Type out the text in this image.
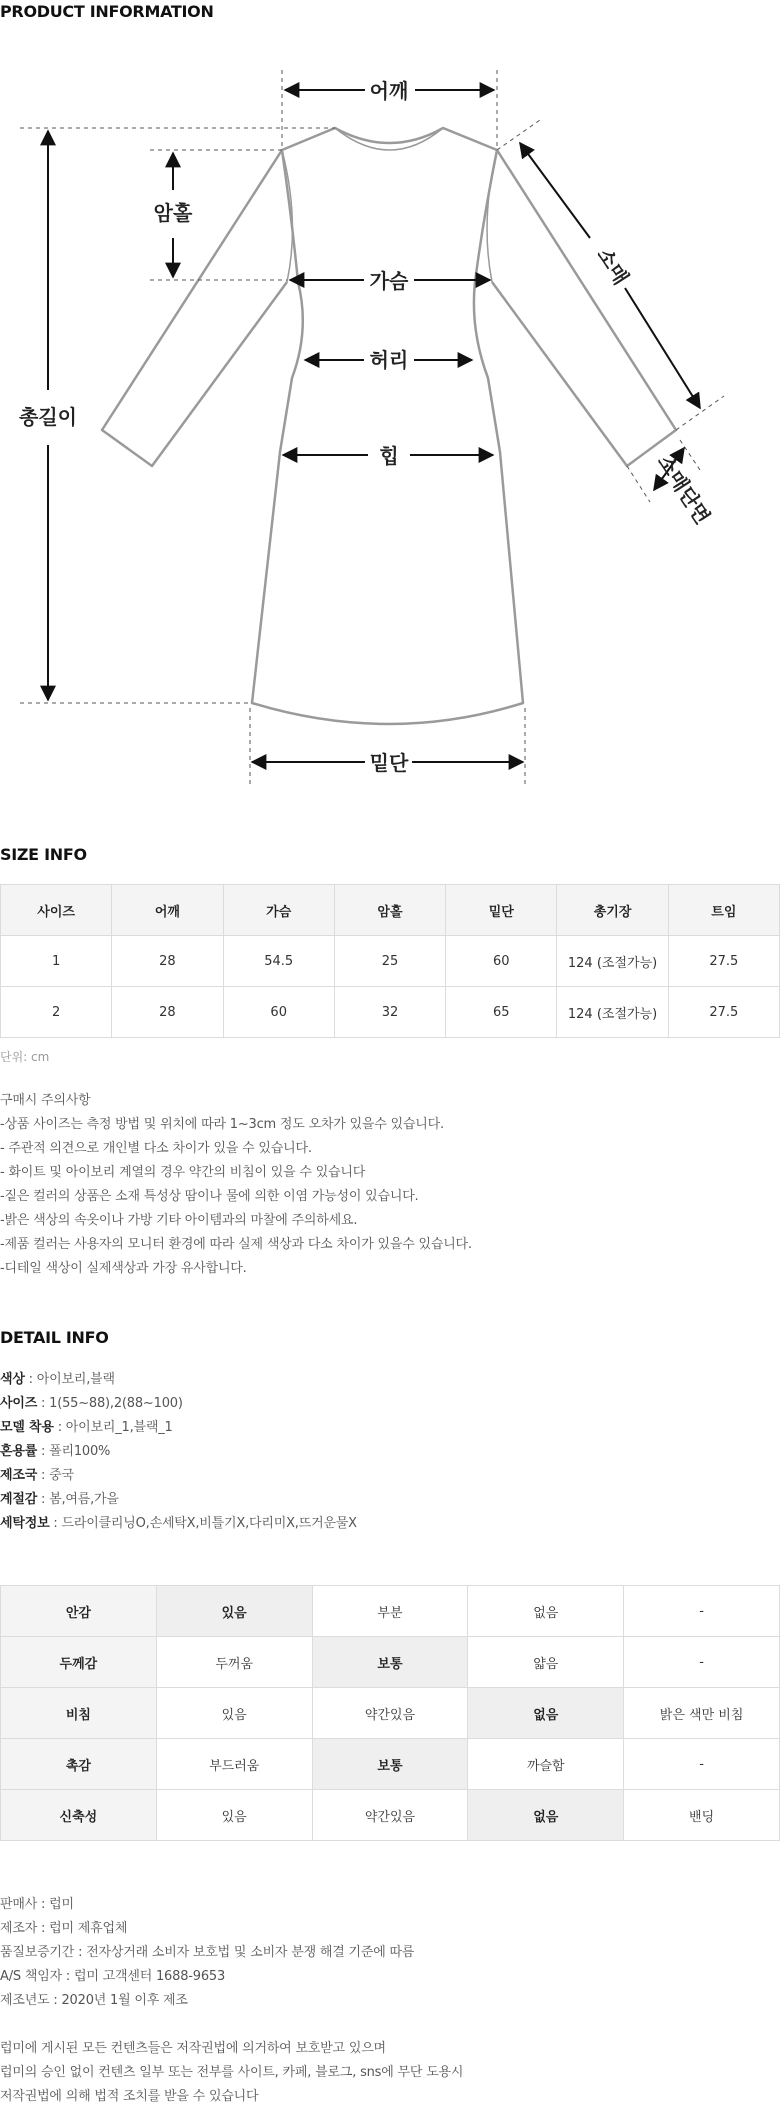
PRODUCT INFORMATION
어깨
암홀
가슴
허리
힙
총길이
소매
소매단면
밑단
SIZE INFO
사이즈	어깨	가슴	암홀	밑단	총기장	트임
1	28	54.5	25	60	124 (조절가능)	27.5
2	28	60	32	65	124 (조절가능)	27.5
단위: cm
구매시 주의사항
-상품 사이즈는 측정 방법 및 위치에 따라 1~3cm 정도 오차가 있을수 있습니다.
- 주관적 의견으로 개인별 다소 차이가 있을 수 있습니다.
- 화이트 및 아이보리 계열의 경우 약간의 비침이 있을 수 있습니다
-짙은 컬러의 상품은 소재 특성상 땀이나 물에 의한 이염 가능성이 있습니다.
-밝은 색상의 속옷이나 가방 기타 아이템과의 마찰에 주의하세요.
-제품 컬러는 사용자의 모니터 환경에 따라 실제 색상과 다소 차이가 있을수 있습니다.
-디테일 색상이 실제색상과 가장 유사합니다.
DETAIL INFO
색상 : 아이보리,블랙
사이즈 : 1(55~88),2(88~100)
모델 착용 : 아이보리_1,블랙_1
혼용률 : 폴리100%
제조국 : 중국
계절감 : 봄,여름,가을
세탁정보 : 드라이클리닝O,손세탁X,비틀기X,다리미X,뜨거운물X
안감	있음	부분	없음	-
두께감	두꺼움	보통	얇음	-
비침	있음	약간있음	없음	밝은 색만 비침
촉감	부드러움	보통	까슬함	-
신축성	있음	약간있음	없음	밴딩
판매사 : 럽미
제조자 : 럽미 제휴업체
품질보증기간 : 전자상거래 소비자 보호법 및 소비자 분쟁 해결 기준에 따름
A/S 책임자 : 럽미 고객센터 1688-9653
제조년도 : 2020년 1월 이후 제조
럽미에 게시된 모든 컨텐츠들은 저작권법에 의거하여 보호받고 있으며
럽미의 승인 없이 컨텐츠 일부 또는 전부를 사이트, 카페, 블로그, sns에 무단 도용시
저작권법에 의해 법적 조치를 받을 수 있습니다
